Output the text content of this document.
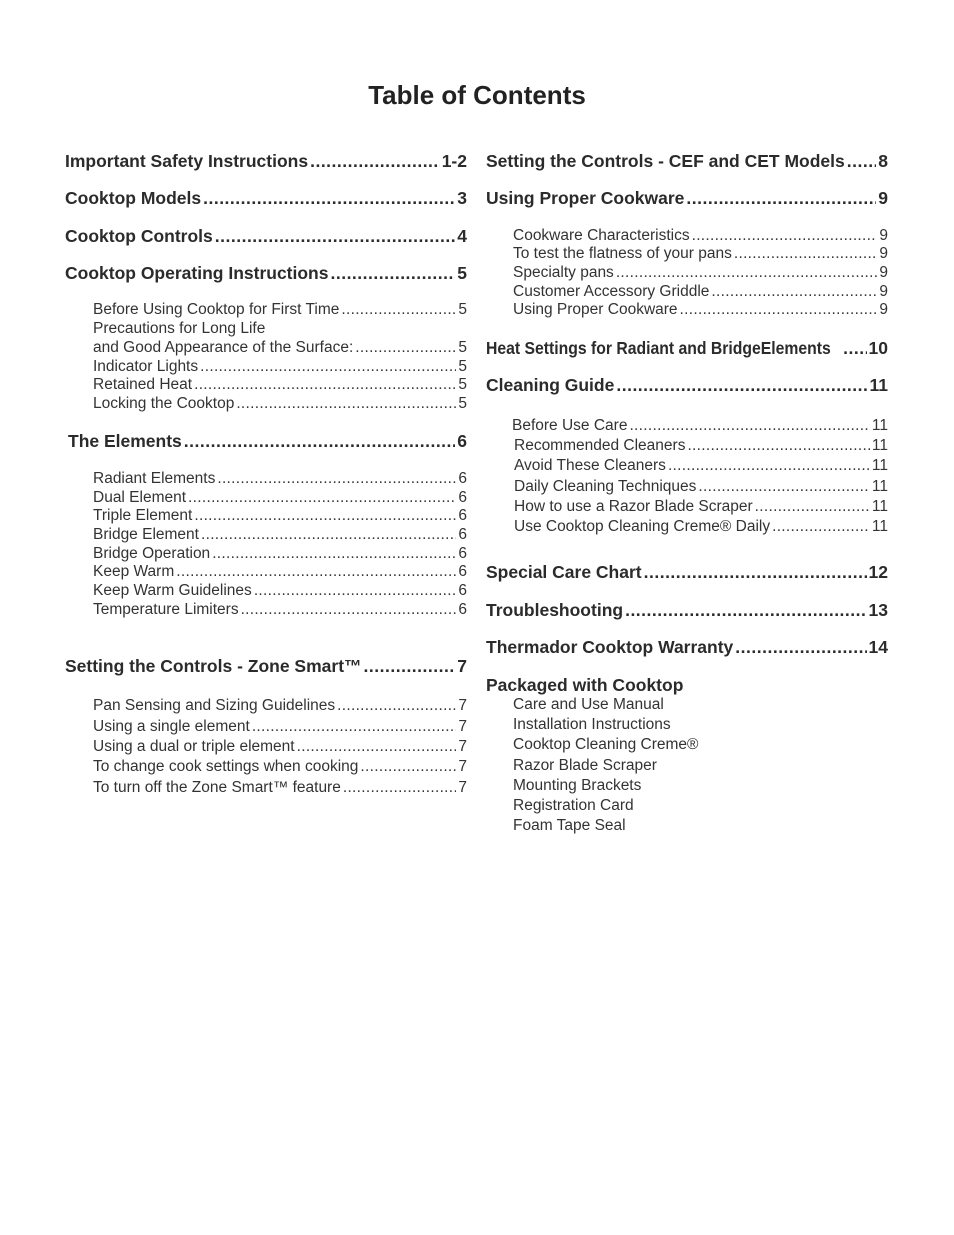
Table of Contents
Important Safety Instructions .....	1-2
Cooktop Models .....	3
Cooktop Controls .....	4
Cooktop Operating Instructions .....	5
Before Using Cooktop for First Time .....	5
Precautions for Long Life
and Good Appearance of the Surface: .....	5
Indicator Lights .....	5
Retained Heat .....	5
Locking the Cooktop .....	5
The Elements .....	6
Radiant Elements .....	6
Dual Element .....	6
Triple Element .....	6
Bridge Element .....	6
Bridge Operation .....	6
Keep Warm .....	6
Keep Warm Guidelines .....	6
Temperature Limiters .....	6
Setting the Controls - Zone Smart™ .....	7
Pan Sensing and Sizing Guidelines .....	7
Using a single element .....	7
Using a dual or triple element .....	7
To change cook settings when cooking .....	7
To turn off the Zone Smart™ feature .....	7
Setting the Controls - CEF and CET Models ..... 8
Using Proper Cookware .....	9
Cookware Characteristics .....	9
To test the flatness of your pans .....	9
Specialty pans .....	9
Customer Accessory Griddle .....	9
Using Proper Cookware .....	9
Heat Settings for Radiant and BridgeElements ..... 10
Cleaning Guide .....	11
Before Use Care .....	11
Recommended Cleaners .....	11
Avoid These Cleaners .....	11
Daily Cleaning Techniques .....	11
How to use a Razor Blade Scraper .....	11
Use Cooktop Cleaning Creme® Daily .....	11
Special Care Chart .....	12
Troubleshooting .....	13
Thermador Cooktop Warranty .....	14
Packaged with Cooktop
Care and Use Manual
Installation Instructions
Cooktop Cleaning Creme®
Razor Blade Scraper
Mounting Brackets
Registration Card
Foam Tape Seal
